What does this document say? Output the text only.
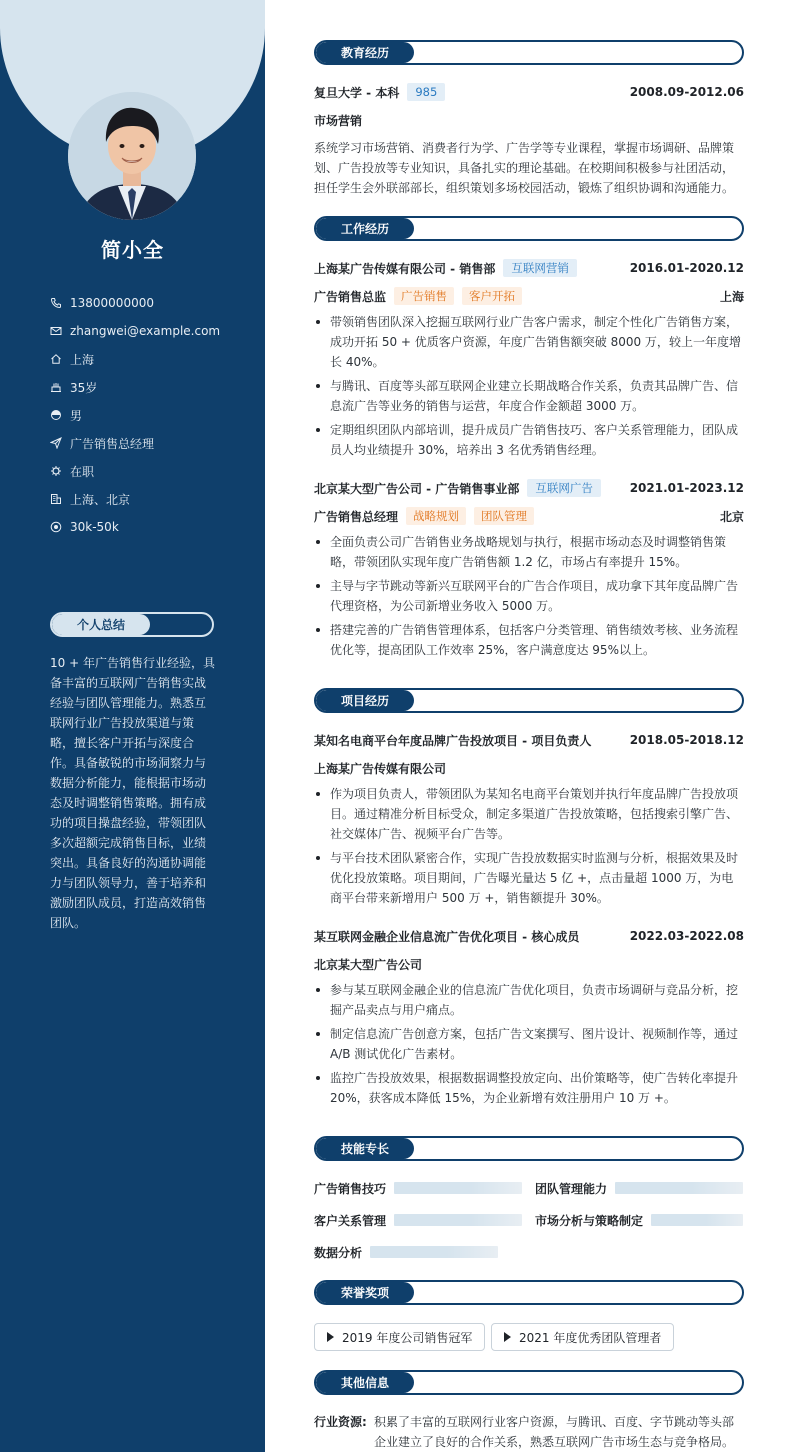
简小全
13800000000
zhangwei@example.com
上海
35岁
男
广告销售总经理
在职
上海、北京
30k-50k
个人总结
10 + 年广告销售行业经验，具备丰富的互联网广告销售实战经验与团队管理能力。熟悉互联网行业广告投放渠道与策略，擅长客户开拓与深度合作。具备敏锐的市场洞察力与数据分析能力，能根据市场动态及时调整销售策略。拥有成功的项目操盘经验，带领团队多次超额完成销售目标，业绩突出。具备良好的沟通协调能力与团队领导力，善于培养和激励团队成员，打造高效销售团队。
教育经历
复旦大学 - 本科	985	2008.09-2012.06
市场营销
系统学习市场营销、消费者行为学、广告学等专业课程，掌握市场调研、品牌策划、广告投放等专业知识，具备扎实的理论基础。在校期间积极参与社团活动，担任学生会外联部部长，组织策划多场校园活动，锻炼了组织协调和沟通能力。
工作经历
上海某广告传媒有限公司 - 销售部	互联网营销	2016.01-2020.12
广告销售总监	广告销售	客户开拓	上海
带领销售团队深入挖掘互联网行业广告客户需求，制定个性化广告销售方案，成功开拓 50 + 优质客户资源，年度广告销售额突破 8000 万，较上一年度增长 40%。
与腾讯、百度等头部互联网企业建立长期战略合作关系，负责其品牌广告、信息流广告等业务的销售与运营，年度合作金额超 3000 万。
定期组织团队内部培训，提升成员广告销售技巧、客户关系管理能力，团队成员人均业绩提升 30%，培养出 3 名优秀销售经理。
北京某大型广告公司 - 广告销售事业部	互联网广告	2021.01-2023.12
广告销售总经理	战略规划	团队管理	北京
全面负责公司广告销售业务战略规划与执行，根据市场动态及时调整销售策略，带领团队实现年度广告销售额 1.2 亿，市场占有率提升 15%。
主导与字节跳动等新兴互联网平台的广告合作项目，成功拿下其年度品牌广告代理资格，为公司新增业务收入 5000 万。
搭建完善的广告销售管理体系，包括客户分类管理、销售绩效考核、业务流程优化等，提高团队工作效率 25%，客户满意度达 95%以上。
项目经历
某知名电商平台年度品牌广告投放项目 - 项目负责人	2018.05-2018.12
上海某广告传媒有限公司
作为项目负责人，带领团队为某知名电商平台策划并执行年度品牌广告投放项目。通过精准分析目标受众，制定多渠道广告投放策略，包括搜索引擎广告、社交媒体广告、视频平台广告等。
与平台技术团队紧密合作，实现广告投放数据实时监测与分析，根据效果及时优化投放策略。项目期间，广告曝光量达 5 亿 +，点击量超 1000 万，为电商平台带来新增用户 500 万 +，销售额提升 30%。
某互联网金融企业信息流广告优化项目 - 核心成员	2022.03-2022.08
北京某大型广告公司
参与某互联网金融企业的信息流广告优化项目，负责市场调研与竞品分析，挖掘产品卖点与用户痛点。
制定信息流广告创意方案，包括广告文案撰写、图片设计、视频制作等，通过 A/B 测试优化广告素材。
监控广告投放效果，根据数据调整投放定向、出价策略等，使广告转化率提升 20%，获客成本降低 15%，为企业新增有效注册用户 10 万 +。
技能专长
广告销售技巧	团队管理能力
客户关系管理	市场分析与策略制定
数据分析
荣誉奖项
2019 年度公司销售冠军	2021 年度优秀团队管理者
其他信息
行业资源: 积累了丰富的互联网行业客户资源，与腾讯、百度、字节跳动等头部企业建立了良好的合作关系，熟悉互联网广告市场生态与竞争格局。
